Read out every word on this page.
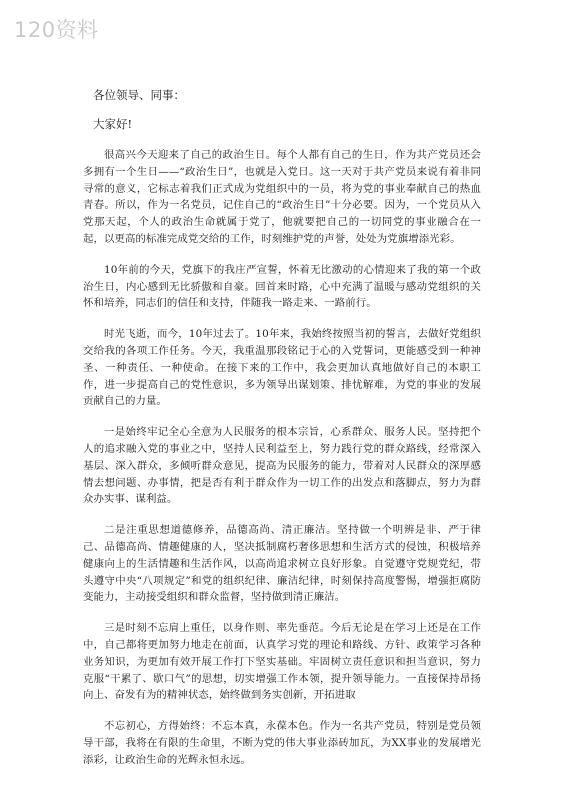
120资料
各位领导、同事：
大家好!

很高兴今天迎来了自己的政治生日。每个人都有自己的生日，作为共产党员还会多拥有一个生日——“政治生日”，也就是入党日。这一天对于共产党员来说有着非同寻常的意义，它标志着我们正式成为党组织中的一员，将为党的事业奉献自己的热血青春。所以，作为一名党员，记住自己的“政治生日”十分必要。因为，一个党员从入党那天起，个人的政治生命就属于党了，他就要把自己的一切同党的事业融合在一起，以更高的标准完成党交给的工作，时刻维护党的声誉，处处为党旗增添光彩。

10年前的今天，党旗下的我庄严宣誓，怀着无比激动的心情迎来了我的第一个政治生日，内心感到无比骄傲和自豪。回首来时路，心中充满了温暖与感动党组织的关怀和培养，同志们的信任和支持，伴随我一路走来、一路前行。

时光飞逝，而今，10年过去了。10年来，我始终按照当初的誓言，去做好党组织交给我的各项工作任务。今天，我重温那段铭记于心的入党誓词，更能感受到一种神圣、一种责任、一种使命。在接下来的工作中，我会更加认真地做好自己的本职工作，进一步提高自己的党性意识，多为领导出谋划策、排忧解难，为党的事业的发展贡献自己的力量。

一是始终牢记全心全意为人民服务的根本宗旨，心系群众、服务人民。坚持把个人的追求融入党的事业之中，坚持人民利益至上，努力践行党的群众路线，经常深入基层、深入群众，多倾听群众意见，提高为民服务的能力，带着对人民群众的深厚感情去想问题、办事情，把是否有利于群众作为一切工作的出发点和落脚点，努力为群众办实事、谋利益。

二是注重思想道德修养，品德高尚、清正廉洁。坚持做一个明辨是非、严于律己、品德高尚、情趣健康的人，坚决抵制腐朽奢侈思想和生活方式的侵蚀，积极培养健康向上的生活情趣和生活作风，以高尚追求树立良好形象。自觉遵守党规党纪，带头遵守中央“八项规定”和党的组织纪律、廉洁纪律，时刻保持高度警惕，增强拒腐防变能力，主动接受组织和群众监督，坚持做到清正廉洁。

三是时刻不忘肩上重任，以身作则、率先垂范。今后无论是在学习上还是在工作中，自己都将更加努力地走在前面，认真学习党的理论和路线、方针、政策学习各种业务知识，为更加有效开展工作打下坚实基础。牢固树立责任意识和担当意识，努力克服“干累了、歇口气”的思想，切实增强工作本领，提升领导能力。一直接保持昂扬向上、奋发有为的精神状态，始终做到务实创新，开拓进取

不忘初心，方得始终：不忘本真，永葆本色。作为一名共产党员，特别是党员领导干部，我将在有限的生命里，不断为党的伟大事业添砖加瓦，为XX事业的发展增光添彩，让政治生命的光辉永恒永远。
